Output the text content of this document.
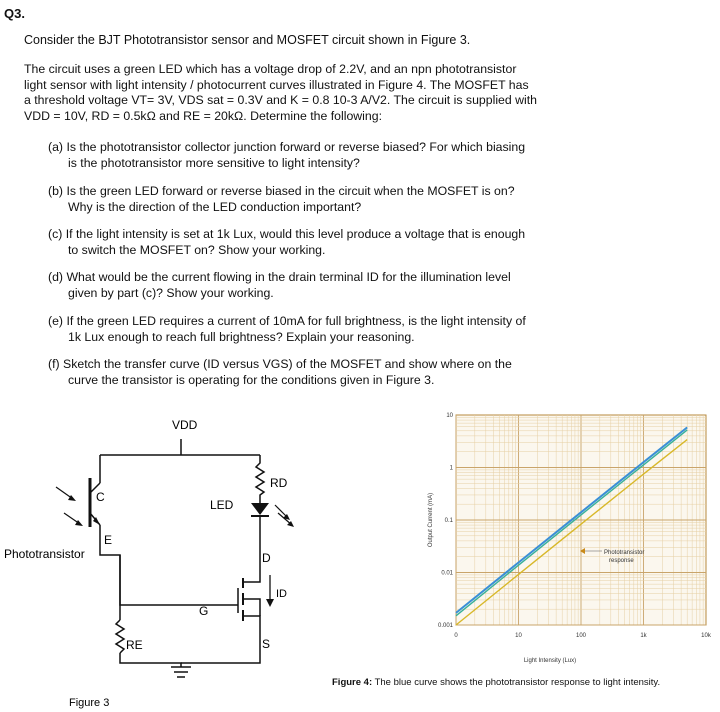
Q3.
Consider the BJT Phototransistor sensor and MOSFET circuit shown in Figure 3.
The circuit uses a green LED which has a voltage drop of 2.2V, and an npn phototransistor
light sensor with light intensity / photocurrent curves illustrated in Figure 4. The MOSFET has
a threshold voltage VT= 3V, VDS sat = 0.3V and K = 0.8 10-3 A/V2. The circuit is supplied with
VDD = 10V, RD = 0.5kΩ and RE = 20kΩ. Determine the following:
(a) Is the phototransistor collector junction forward or reverse biased? For which biasing
is the phototransistor more sensitive to light intensity?
(b) Is the green LED forward or reverse biased in the circuit when the MOSFET is on?
Why is the direction of the LED conduction important?
(c) If the light intensity is set at 1k Lux, would this level produce a voltage that is enough
to switch the MOSFET on? Show your working.
(d) What would be the current flowing in the drain terminal ID for the illumination level
given by part (c)? Show your working.
(e) If the green LED requires a current of 10mA for full brightness, is the light intensity of
1k Lux enough to reach full brightness? Explain your reasoning.
(f) Sketch the transfer curve (ID versus VGS) of the MOSFET and show where on the
curve the transistor is operating for the conditions given in Figure 3.
VDD
RD
RE
LED
C
E
D
G
S
ID
Phototransistor
Figure 3
0	10	100	1k	10k
10
1
0.1
0.01
0.001
Light Intensity (Lux)
Output Current (mA)
Phototransistor
response
Figure 4: The blue curve shows the phototransistor response to light intensity.
